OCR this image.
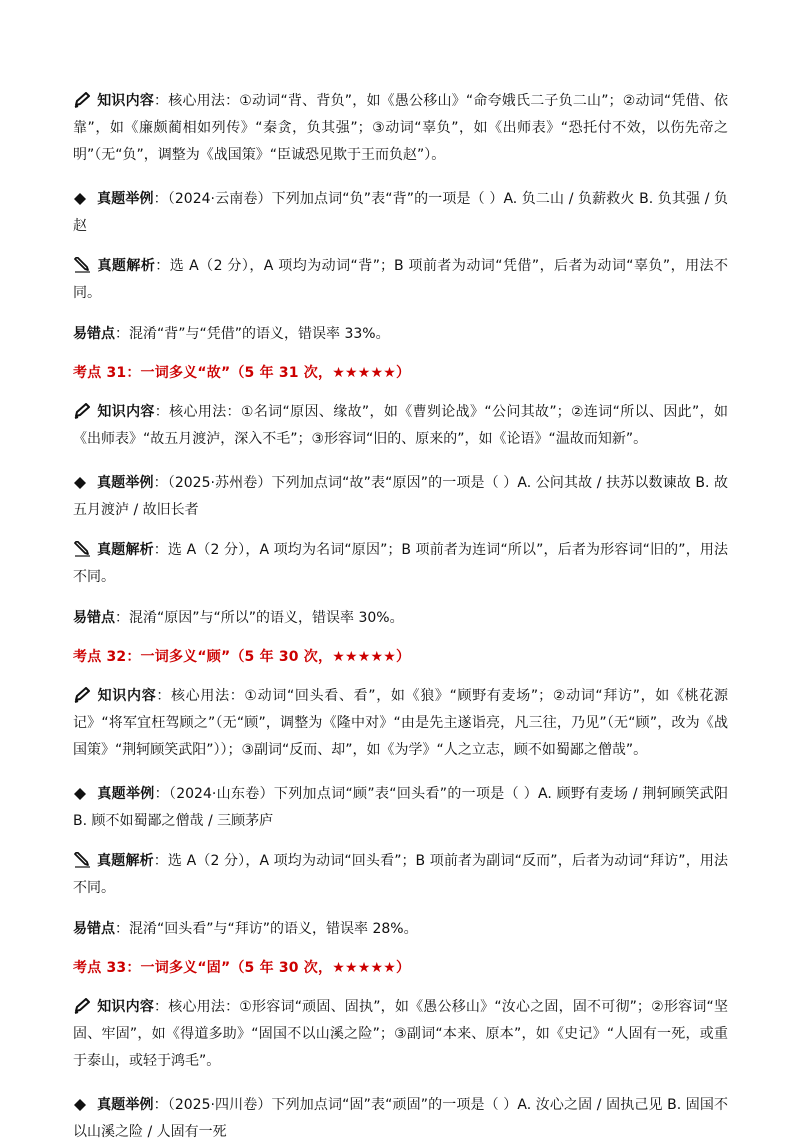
知识内容：核心用法：①动词“背、背负”，如《愚公移山》“命夸娥氏二子负二山”；②动词“凭借、依靠”，如《廉颇蔺相如列传》“秦贪，负其强”；③动词“辜负”，如《出师表》“恐托付不效，以伤先帝之明”（无“负”，调整为《战国策》“臣诚恐见欺于王而负赵”）。

真题举例：（2024·云南卷）下列加点词“负”表“背”的一项是（ ）A. 负二山 / 负薪救火 B. 负其强 / 负赵

真题解析：选 A（2 分），A 项均为动词“背”；B 项前者为动词“凭借”，后者为动词“辜负”，用法不同。

易错点：混淆“背”与“凭借”的语义，错误率 33%。

考点 31：一词多义“故”（5 年 31 次，★★★★★）

知识内容：核心用法：①名词“原因、缘故”，如《曹刿论战》“公问其故”；②连词“所以、因此”，如《出师表》“故五月渡泸，深入不毛”；③形容词“旧的、原来的”，如《论语》“温故而知新”。

真题举例：（2025·苏州卷）下列加点词“故”表“原因”的一项是（ ）A. 公问其故 / 扶苏以数谏故 B. 故五月渡泸 / 故旧长者

真题解析：选 A（2 分），A 项均为名词“原因”；B 项前者为连词“所以”，后者为形容词“旧的”，用法不同。

易错点：混淆“原因”与“所以”的语义，错误率 30%。

考点 32：一词多义“顾”（5 年 30 次，★★★★★）

知识内容：核心用法：①动词“回头看、看”，如《狼》“顾野有麦场”；②动词“拜访”，如《桃花源记》“将军宜枉驾顾之”（无“顾”，调整为《隆中对》“由是先主遂诣亮，凡三往，乃见”（无“顾”，改为《战国策》“荆轲顾笑武阳”））；③副词“反而、却”，如《为学》“人之立志，顾不如蜀鄙之僧哉”。

真题举例：（2024·山东卷）下列加点词“顾”表“回头看”的一项是（ ）A. 顾野有麦场 / 荆轲顾笑武阳 B. 顾不如蜀鄙之僧哉 / 三顾茅庐

真题解析：选 A（2 分），A 项均为动词“回头看”；B 项前者为副词“反而”，后者为动词“拜访”，用法不同。

易错点：混淆“回头看”与“拜访”的语义，错误率 28%。

考点 33：一词多义“固”（5 年 30 次，★★★★★）

知识内容：核心用法：①形容词“顽固、固执”，如《愚公移山》“汝心之固，固不可彻”；②形容词“坚固、牢固”，如《得道多助》“固国不以山溪之险”；③副词“本来、原本”，如《史记》“人固有一死，或重于泰山，或轻于鸿毛”。

真题举例：（2025·四川卷）下列加点词“固”表“顽固”的一项是（ ）A. 汝心之固 / 固执己见 B. 固国不以山溪之险 / 人固有一死
